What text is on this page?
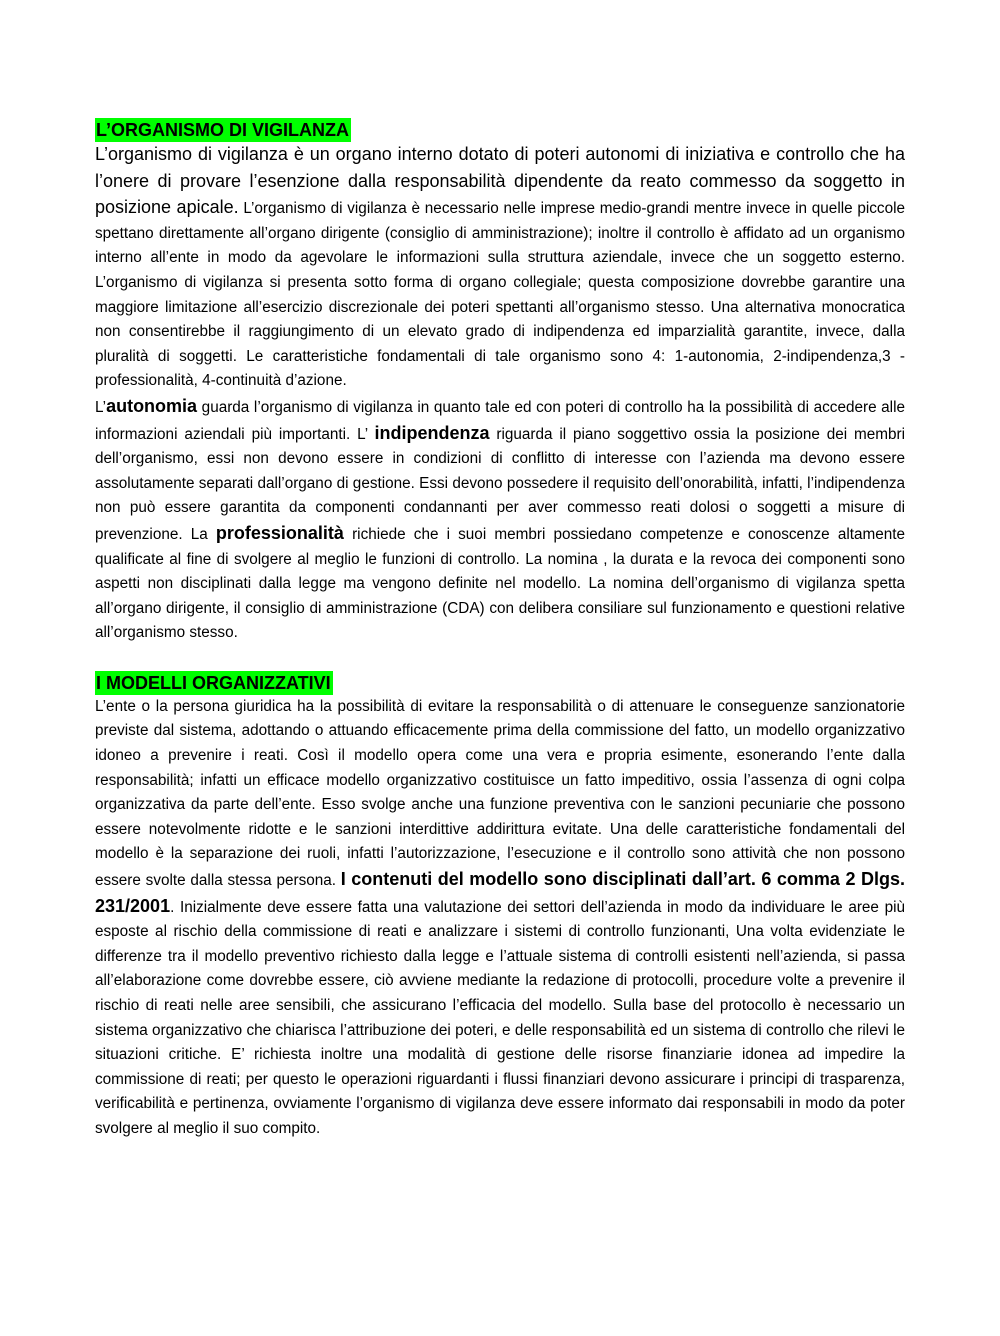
L’ORGANISMO DI VIGILANZA

L’organismo di vigilanza è un organo interno dotato di poteri autonomi di iniziativa e controllo che ha l’onere di provare l’esenzione dalla responsabilità dipendente da reato commesso da soggetto in posizione apicale. L’organismo di vigilanza è necessario nelle imprese medio-grandi mentre invece in quelle piccole spettano direttamente all’organo dirigente (consiglio di amministrazione); inoltre il controllo è affidato ad un organismo interno all’ente in modo da agevolare le informazioni sulla struttura aziendale, invece che un soggetto esterno. L’organismo di vigilanza si presenta sotto forma di organo collegiale; questa composizione dovrebbe garantire una maggiore limitazione all’esercizio discrezionale dei poteri spettanti all’organismo stesso. Una alternativa monocratica non consentirebbe il raggiungimento di un elevato grado di indipendenza ed imparzialità garantite, invece, dalla pluralità di soggetti. Le caratteristiche fondamentali di tale organismo sono 4: 1-autonomia, 2-indipendenza,3 - professionalità, 4-continuità d’azione.

L’autonomia guarda l’organismo di vigilanza in quanto tale ed con poteri di controllo ha la possibilità di accedere alle informazioni aziendali più importanti. L’ indipendenza riguarda il piano soggettivo ossia la posizione dei membri dell’organismo, essi non devono essere in condizioni di conflitto di interesse con l’azienda ma devono essere assolutamente separati dall’organo di gestione. Essi devono possedere il requisito dell’onorabilità, infatti, l’indipendenza non può essere garantita da componenti condannanti per aver commesso reati dolosi o soggetti a misure di prevenzione. La professionalità richiede che i suoi membri possiedano competenze e conoscenze altamente qualificate al fine di svolgere al meglio le funzioni di controllo. La nomina , la durata e la revoca dei componenti sono aspetti non disciplinati dalla legge ma vengono definite nel modello. La nomina dell’organismo di vigilanza spetta all’organo dirigente, il consiglio di amministrazione (CDA) con delibera consiliare sul funzionamento e questioni relative all’organismo stesso.

I MODELLI ORGANIZZATIVI

L’ente o la persona giuridica ha la possibilità di evitare la responsabilità o di attenuare le conseguenze sanzionatorie previste dal sistema, adottando o attuando efficacemente prima della commissione del fatto, un modello organizzativo idoneo a prevenire i reati. Così il modello opera come una vera e propria esimente, esonerando l’ente dalla responsabilità; infatti un efficace modello organizzativo costituisce un fatto impeditivo, ossia l’assenza di ogni colpa organizzativa da parte dell’ente. Esso svolge anche una funzione preventiva con le sanzioni pecuniarie che possono essere notevolmente ridotte e le sanzioni interdittive addirittura evitate. Una delle caratteristiche fondamentali del modello è la separazione dei ruoli, infatti l’autorizzazione, l’esecuzione e il controllo sono attività che non possono essere svolte dalla stessa persona. I contenuti del modello sono disciplinati dall’art. 6 comma 2 Dlgs. 231/2001. Inizialmente deve essere fatta una valutazione dei settori dell’azienda in modo da individuare le aree più esposte al rischio della commissione di reati e analizzare i sistemi di controllo funzionanti, Una volta evidenziate le differenze tra il modello preventivo richiesto dalla legge e l’attuale sistema di controlli esistenti nell’azienda, si passa all’elaborazione come dovrebbe essere, ciò avviene mediante la redazione di protocolli, procedure volte a prevenire il rischio di reati nelle aree sensibili, che assicurano l’efficacia del modello. Sulla base del protocollo è necessario un sistema organizzativo che chiarisca l’attribuzione dei poteri, e delle responsabilità ed un sistema di controllo che rilevi le situazioni critiche. E’ richiesta inoltre una modalità di gestione delle risorse finanziarie idonea ad impedire la commissione di reati; per questo le operazioni riguardanti i flussi finanziari devono assicurare i principi di trasparenza, verificabilità e pertinenza, ovviamente l’organismo di vigilanza deve essere informato dai responsabili in modo da poter svolgere al meglio il suo compito.
